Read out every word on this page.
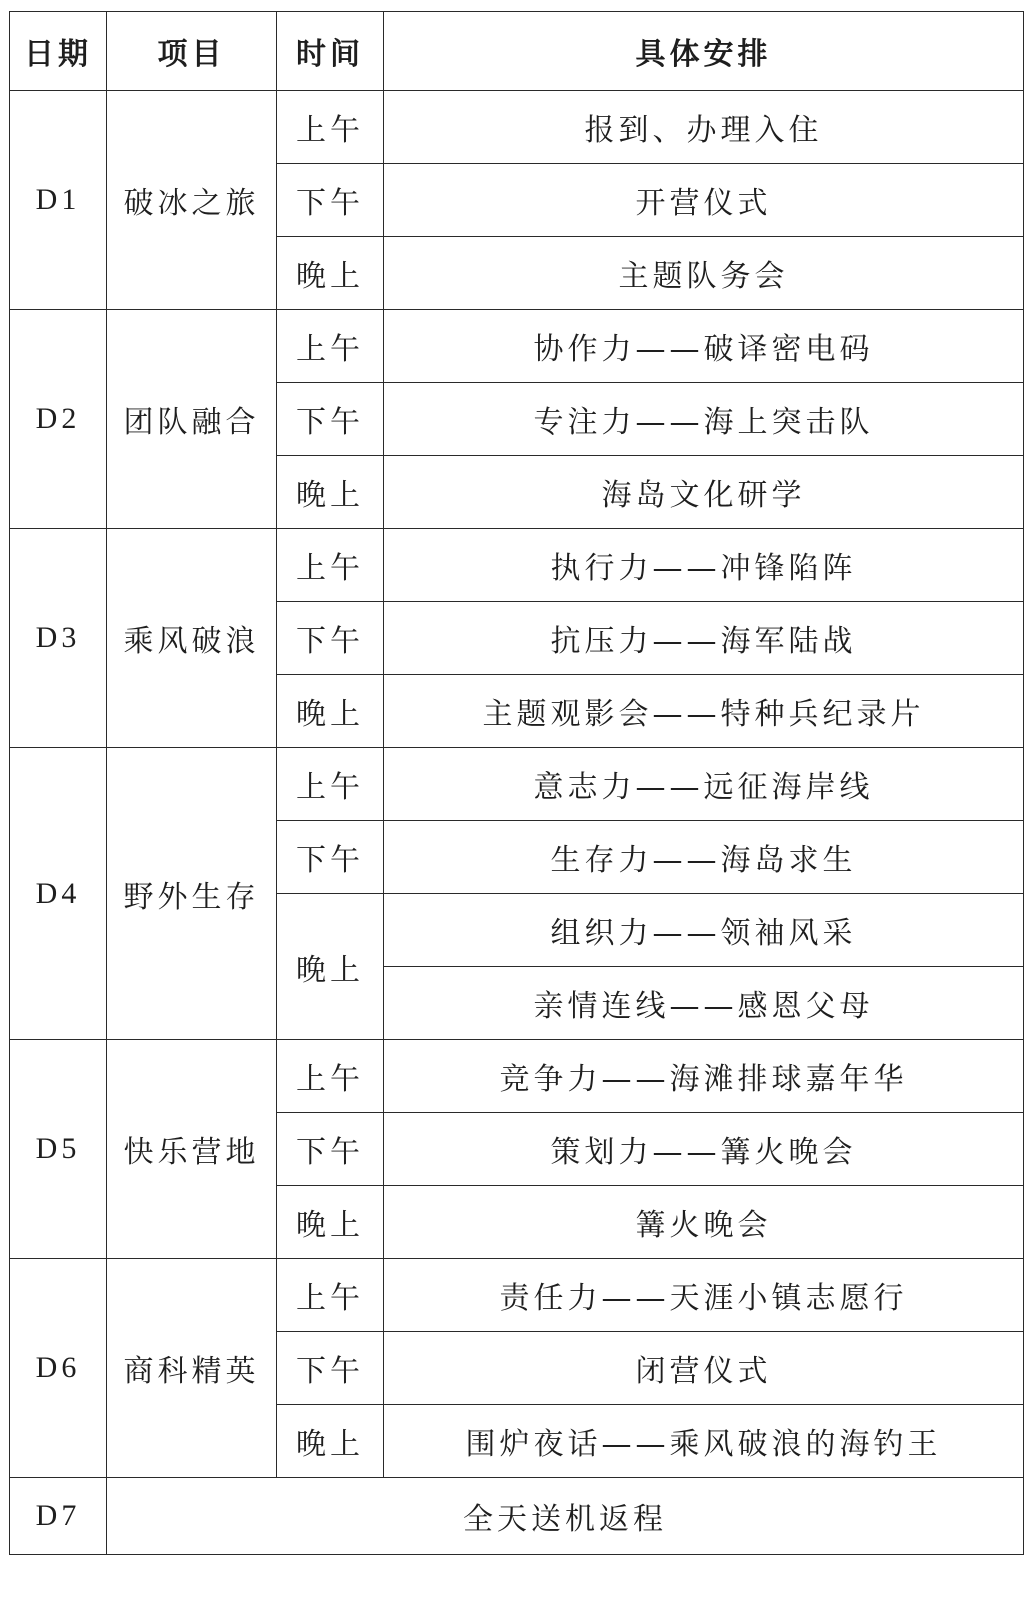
日期	项目	时间	具体安排
D1	破冰之旅	上午	报到、办理入住
		下午	开营仪式
		晚上	主题队务会
D2	团队融合	上午	协作力——破译密电码
		下午	专注力——海上突击队
		晚上	海岛文化研学
D3	乘风破浪	上午	执行力——冲锋陷阵
		下午	抗压力——海军陆战
		晚上	主题观影会——特种兵纪录片
D4	野外生存	上午	意志力——远征海岸线
		下午	生存力——海岛求生
		晚上	组织力——领袖风采
			亲情连线——感恩父母
D5	快乐营地	上午	竞争力——海滩排球嘉年华
		下午	策划力——篝火晚会
		晚上	篝火晚会
D6	商科精英	上午	责任力——天涯小镇志愿行
		下午	闭营仪式
		晚上	围炉夜话——乘风破浪的海钓王
D7	全天送机返程		
